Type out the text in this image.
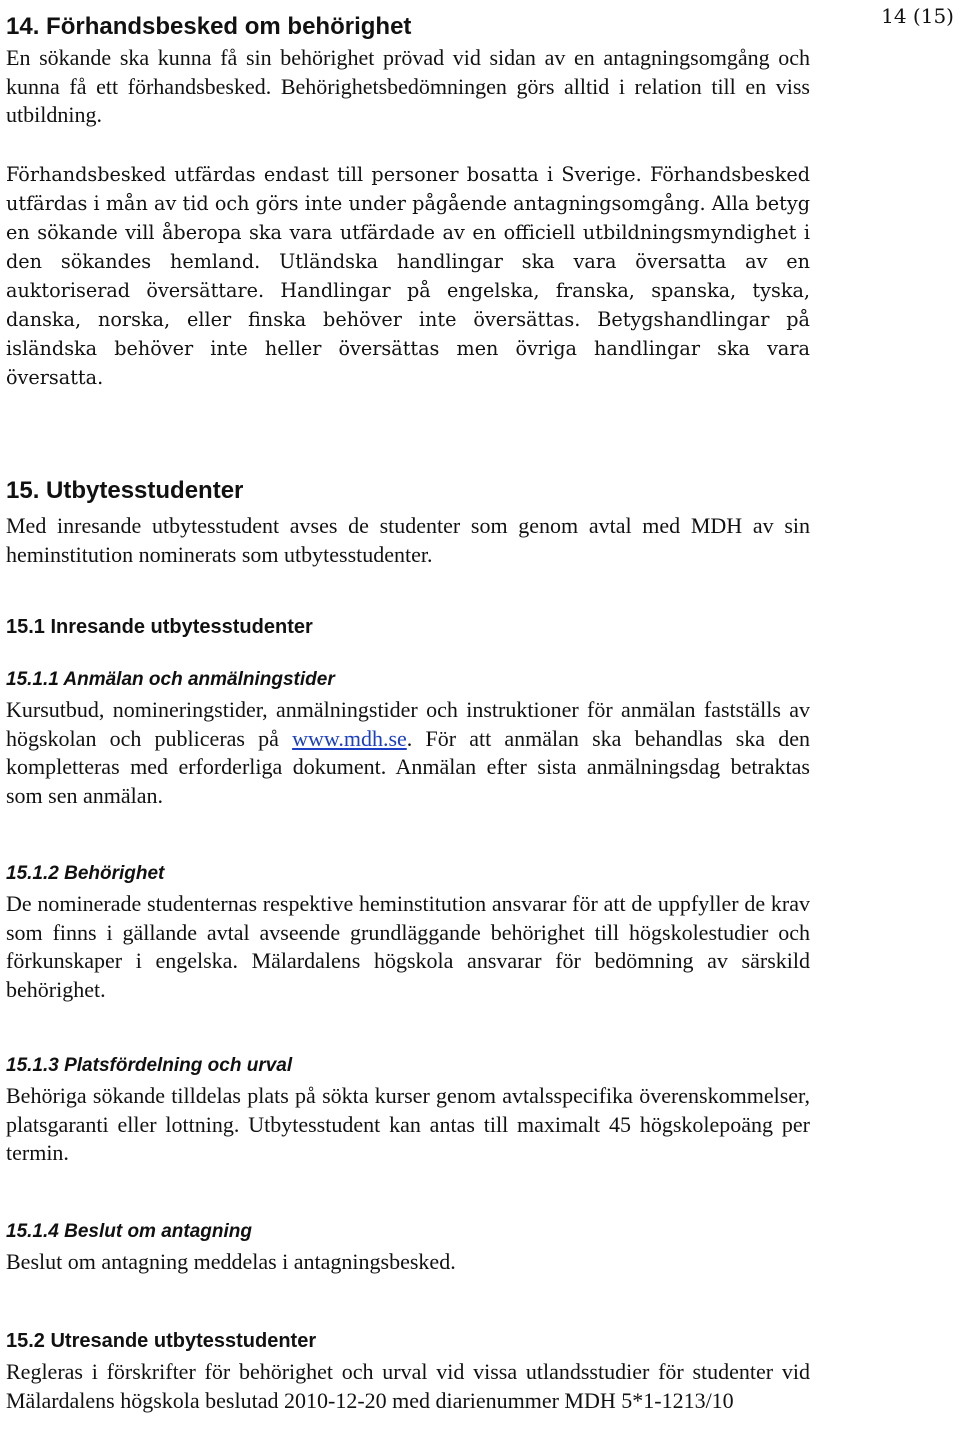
14 (15)
14. Förhandsbesked om behörighet

En sökande ska kunna få sin behörighet prövad vid sidan av en antagningsomgång och kunna få ett förhandsbesked. Behörighetsbedömningen görs alltid i relation till en viss utbildning.

Förhandsbesked utfärdas endast till personer bosatta i Sverige. Förhandsbesked utfärdas i mån av tid och görs inte under pågående antagningsomgång. Alla betyg en sökande vill åberopa ska vara utfärdade av en officiell utbildningsmyndighet i den sökandes hemland. Utländska handlingar ska vara översatta av en auktoriserad översättare. Handlingar på engelska, franska, spanska, tyska, danska, norska, eller finska behöver inte översättas. Betygshandlingar på isländska behöver inte heller översättas men övriga handlingar ska vara översatta.

15. Utbytesstudenter

Med inresande utbytesstudent avses de studenter som genom avtal med MDH av sin heminstitution nominerats som utbytesstudenter.

15.1 Inresande utbytesstudenter
15.1.1 Anmälan och anmälningstider

Kursutbud, nomineringstider, anmälningstider och instruktioner för anmälan fastställs av högskolan och publiceras på www.mdh.se. För att anmälan ska behandlas ska den kompletteras med erforderliga dokument. Anmälan efter sista anmälningsdag betraktas som sen anmälan.

15.1.2 Behörighet

De nominerade studenternas respektive heminstitution ansvarar för att de uppfyller de krav som finns i gällande avtal avseende grundläggande behörighet till högskolestudier och förkunskaper i engelska. Mälardalens högskola ansvarar för bedömning av särskild behörighet.

15.1.3 Platsfördelning och urval

Behöriga sökande tilldelas plats på sökta kurser genom avtalsspecifika överenskommelser, platsgaranti eller lottning. Utbytesstudent kan antas till maximalt 45 högskolepoäng per termin.

15.1.4 Beslut om antagning

Beslut om antagning meddelas i antagningsbesked.

15.2 Utresande utbytesstudenter

Regleras i förskrifter för behörighet och urval vid vissa utlandsstudier för studenter vid Mälardalens högskola beslutad 2010-12-20 med diarienummer MDH 5*1-1213/10
